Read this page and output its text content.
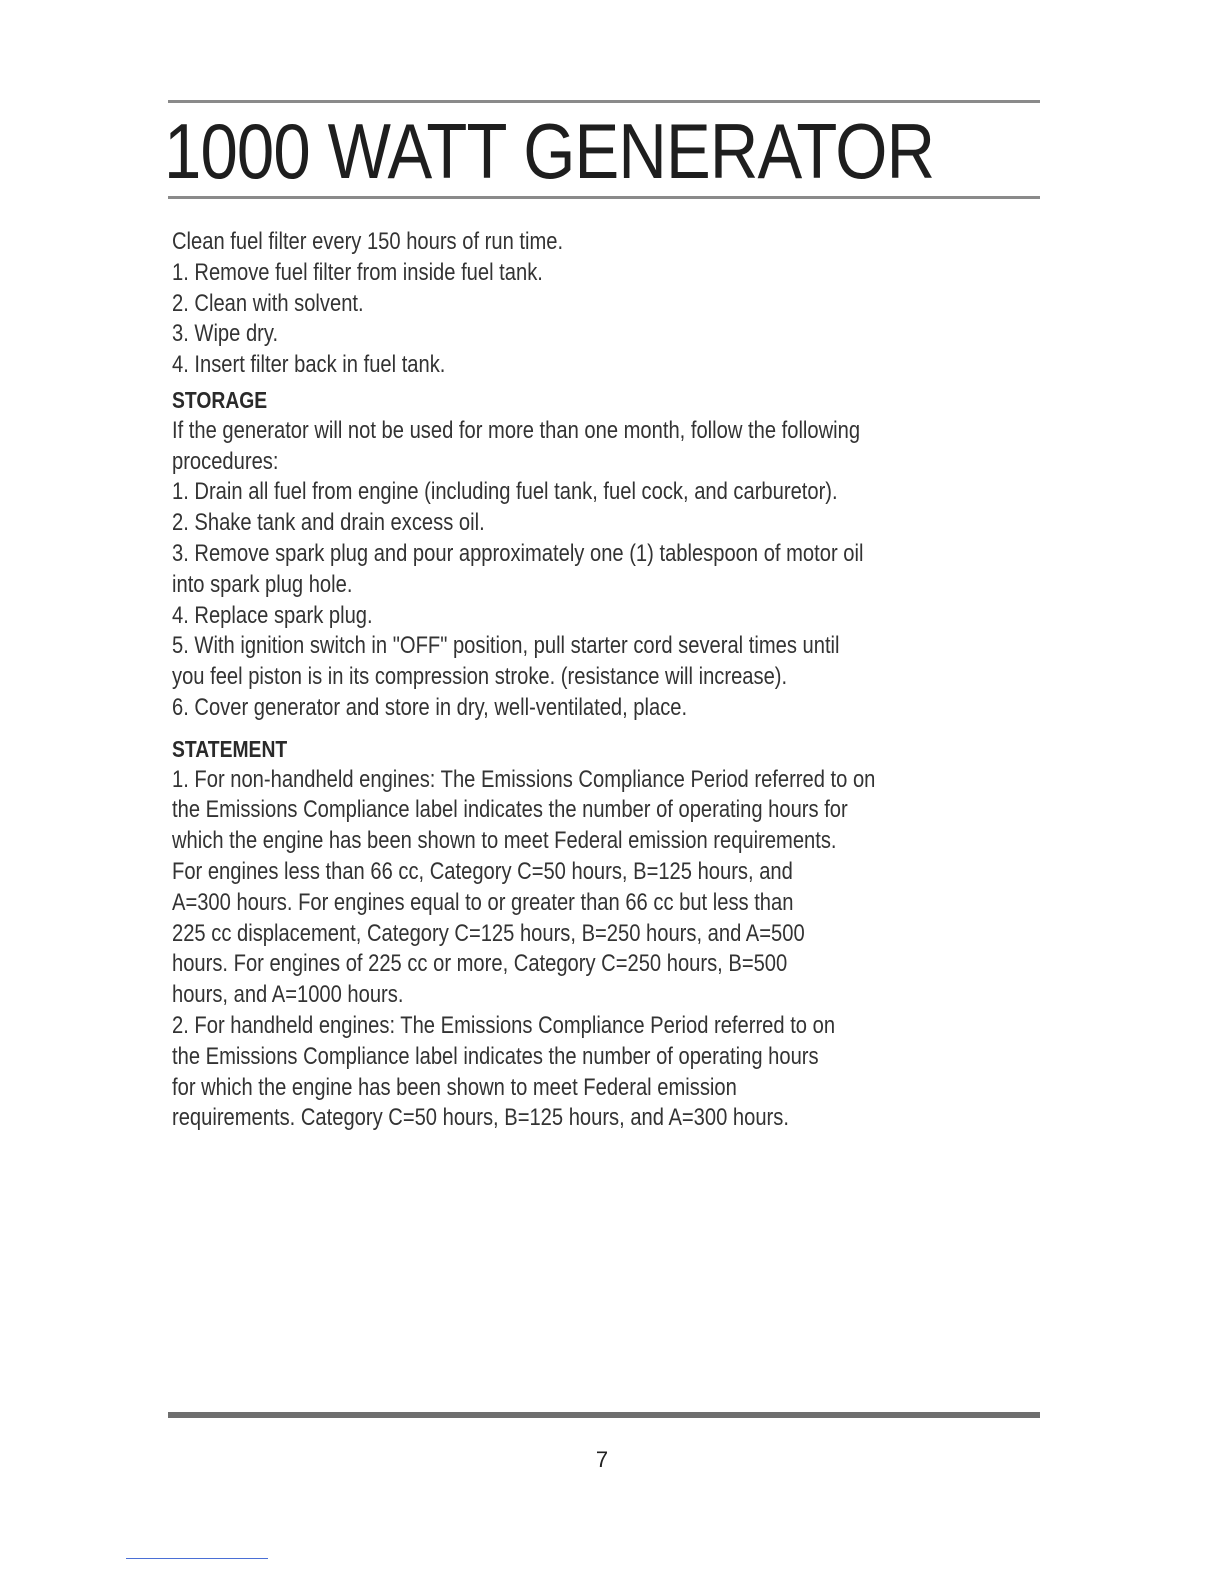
1000 WATT GENERATOR
Clean fuel filter every 150 hours of run time.
1. Remove fuel filter from inside fuel tank.
2. Clean with solvent.
3. Wipe dry.
4. Insert filter back in fuel tank.
STORAGE
If the generator will not be used for more than one month, follow the following
procedures:
1. Drain all fuel from engine (including fuel tank, fuel cock, and carburetor).
2. Shake tank and drain excess oil.
3. Remove spark plug and pour approximately one (1) tablespoon of motor oil
into spark plug hole.
4. Replace spark plug.
5. With ignition switch in "OFF" position, pull starter cord several times until
you feel piston is in its compression stroke. (resistance will increase).
6. Cover generator and store in dry, well-ventilated, place.
STATEMENT
1. For non-handheld engines: The Emissions Compliance Period referred to on
the Emissions Compliance label indicates the number of operating hours for
which the engine has been shown to meet Federal emission requirements.
For engines less than 66 cc, Category C=50 hours, B=125 hours, and
A=300 hours. For engines equal to or greater than 66 cc but less than
225 cc displacement, Category C=125 hours, B=250 hours, and A=500
hours. For engines of 225 cc or more, Category C=250 hours, B=500
hours, and A=1000 hours.
2. For handheld engines: The Emissions Compliance Period referred to on
the Emissions Compliance label indicates the number of operating hours
for which the engine has been shown to meet Federal emission
requirements. Category C=50 hours, B=125 hours, and A=300 hours.
7
